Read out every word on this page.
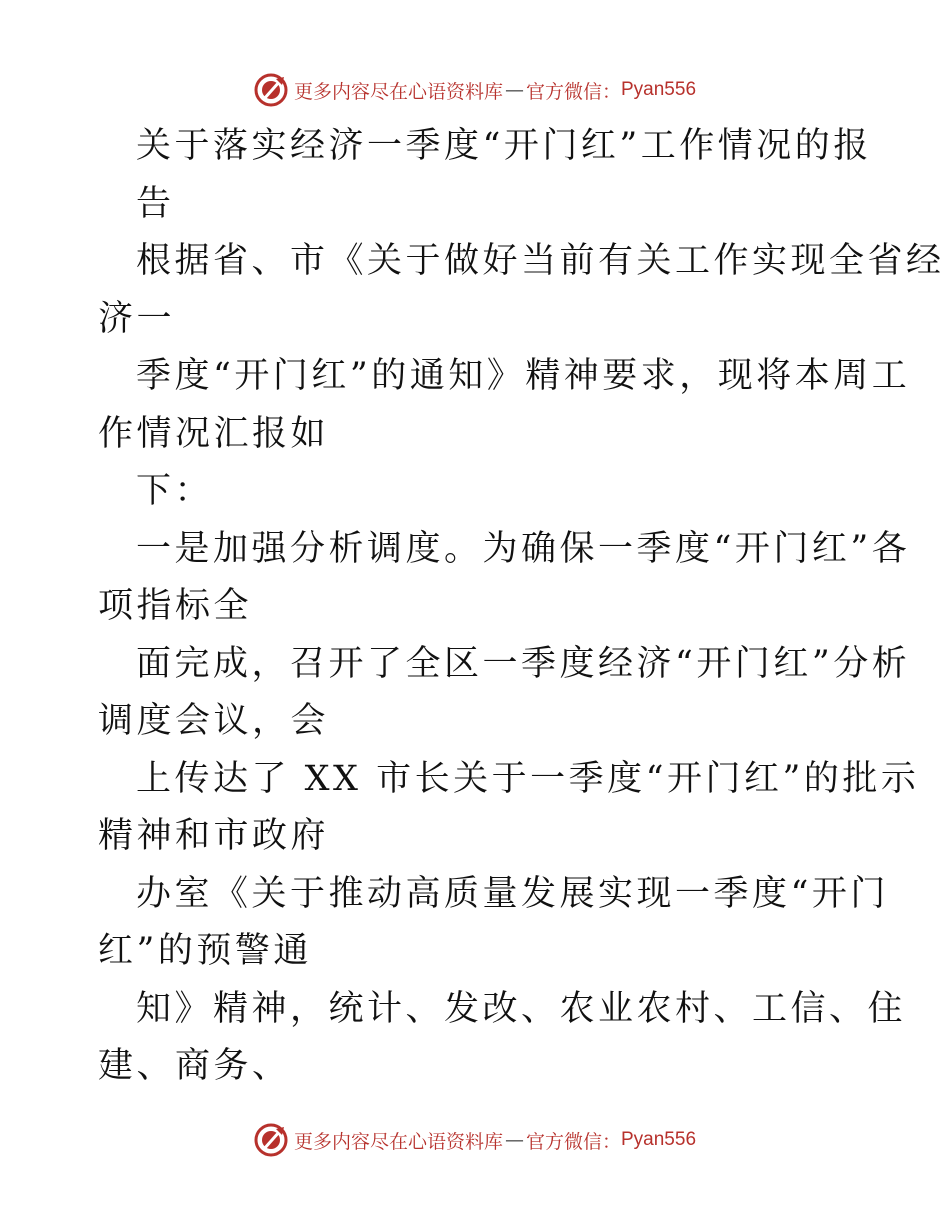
更多内容尽在心语资料库 — 官方微信： Pyan556
关于落实经济一季度“开门红”工作情况的报
告
根据省、市《关于做好当前有关工作实现全省经
济一
季度“开门红”的通知》精神要求，现将本周工
作情况汇报如
下：
一是加强分析调度。为确保一季度“开门红”各
项指标全
面完成，召开了全区一季度经济“开门红”分析
调度会议，会
上传达了 XX 市长关于一季度“开门红”的批示
精神和市政府
办室《关于推动高质量发展实现一季度“开门
红”的预警通
知》精神，统计、发改、农业农村、工信、住
建、商务、
更多内容尽在心语资料库 — 官方微信： Pyan556
